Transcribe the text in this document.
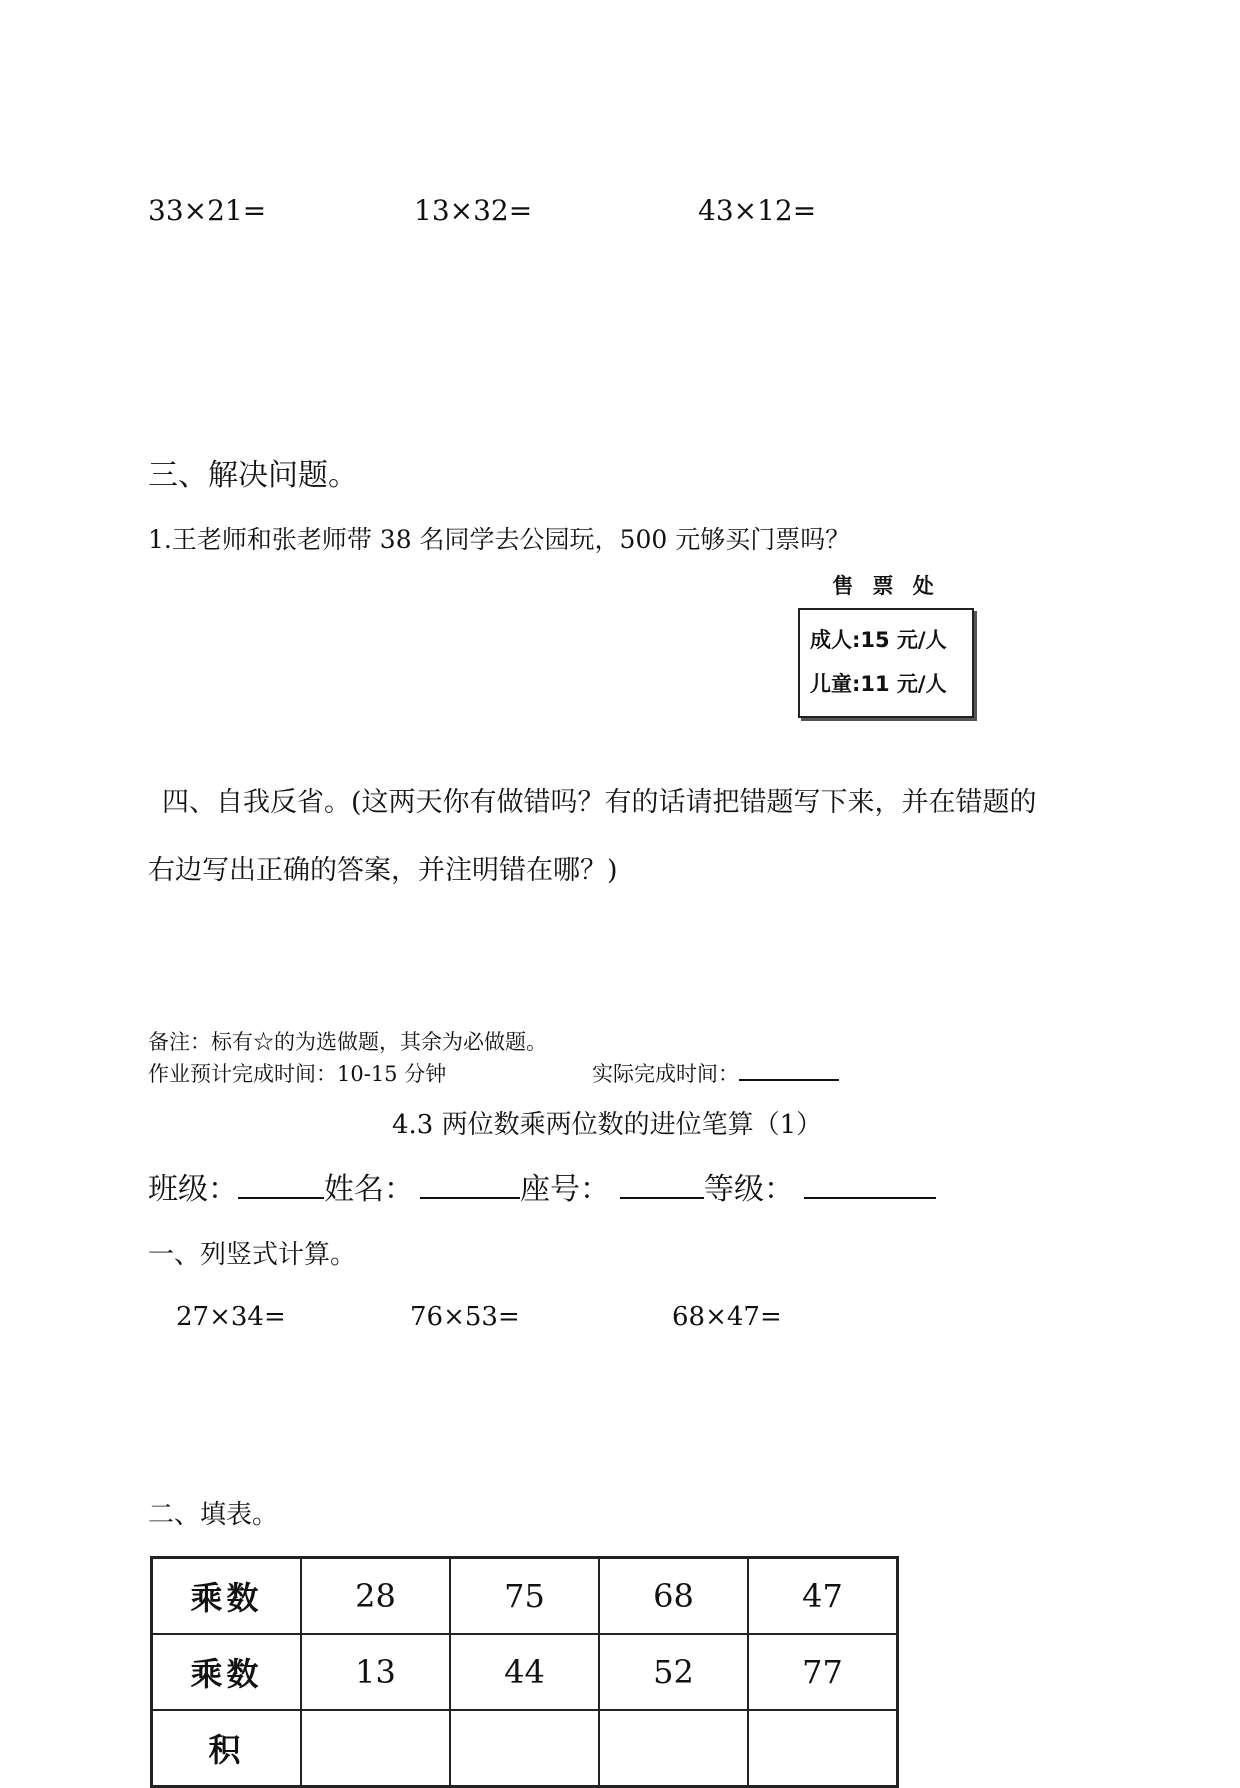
33×21=	13×32=	43×12=
三、解决问题。
1.王老师和张老师带 38 名同学去公园玩，500 元够买门票吗？
售 票 处
成人:15 元/人
儿童:11 元/人
四、自我反省。(这两天你有做错吗？有的话请把错题写下来，并在错题的
右边写出正确的答案，并注明错在哪？)
备注：标有☆的为选做题，其余为必做题。
作业预计完成时间：10-15 分钟	实际完成时间：
4.3 两位数乘两位数的进位笔算（1）
班级：	姓名：	座号：	等级：
一、列竖式计算。
27×34=	76×53=	68×47=
二、填表。
乘数	28	75	68	47
乘数	13	44	52	77
积				
